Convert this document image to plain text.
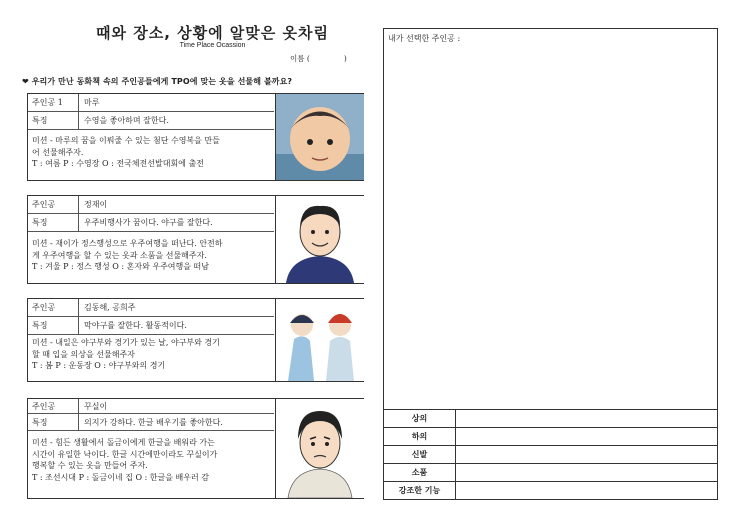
때와 장소, 상황에 알맞은 옷차림
Time Place Ocassion
이름 (	)
❤ 우리가 만난 동화책 속의 주인공들에게 TPO에 맞는 옷을 선물해 볼까요?
주인공 1	마루
특징	수영을 좋아하며 잘한다.
미션 - 마루의 꿈을 이뤄줄 수 있는 첨단 수영복을 만들
어 선물해주자.
T : 여름 P : 수영장 O : 전국체전선발대회에 출전
주인공	정재이
특징	우주비행사가 꿈이다. 야구를 잘한다.
미션 - 재이가 정스행성으로 우주여행을 떠난다. 안전하
게 우주여행을 할 수 있는 옷과 소품을 선물해주자.
T : 겨울 P : 정스 행성 O : 혼자와 우주여행을 떠남
주인공	김동해, 공희주
특징	막야구를 잘한다. 활동적이다.
미션 - 내일은 야구부와 경기가 있는 날, 야구부와 경기
할 때 입을 의상을 선물해주자
T : 봄 P : 운동장 O : 야구부와의 경기
주인공	꾸실이
특징	의지가 강하다. 한글 배우기를 좋아한다.
미션 - 힘든 생활에서 돌금이에게 한글을 배워라 가는
시간이 유일한 낙이다. 한글 시간에만이라도 꾸실이가
행복할 수 있는 옷을 만들어 주자.
T : 조선시대 P : 돌금이네 집 O : 한글을 배우러 감
내가 선택한 주인공 :
상의	
하의	
신발	
소품	
강조한 기능	
